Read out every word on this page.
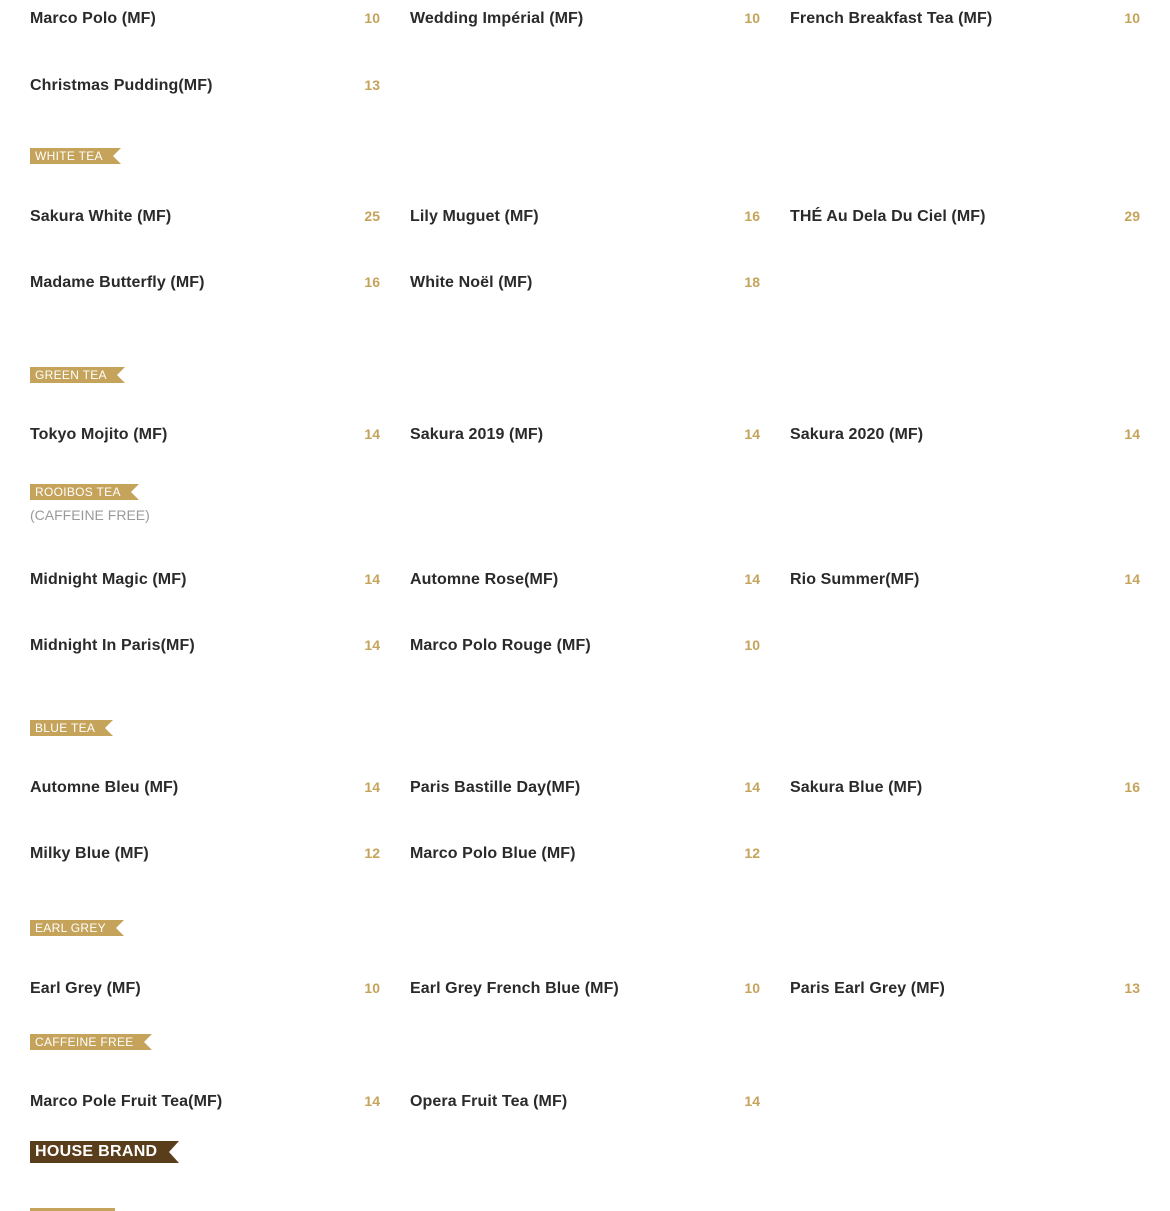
Marco Polo (MF)	10 Wedding Impérial (MF)	10 French Breakfast Tea (MF)	10
Christmas Pudding(MF)	13
WHITE TEA
Sakura White (MF)	25 Lily Muguet (MF)	16 THÉ Au Dela Du Ciel (MF)	29
Madame Butterfly (MF)	16 White Noël (MF)	18
GREEN TEA
Tokyo Mojito (MF)	14 Sakura 2019 (MF)	14 Sakura 2020 (MF)	14
ROOIBOS TEA
(CAFFEINE FREE)
Midnight Magic (MF)	14 Automne Rose(MF)	14 Rio Summer(MF)	14
Midnight In Paris(MF)	14 Marco Polo Rouge (MF)	10
BLUE TEA
Automne Bleu (MF)	14 Paris Bastille Day(MF)	14 Sakura Blue (MF)	16
Milky Blue (MF)	12 Marco Polo Blue (MF)	12
EARL GREY
Earl Grey (MF)	10 Earl Grey French Blue (MF)	10 Paris Earl Grey (MF)	13
CAFFEINE FREE
Marco Pole Fruit Tea(MF)	14 Opera Fruit Tea (MF)	14
HOUSE BRAND
